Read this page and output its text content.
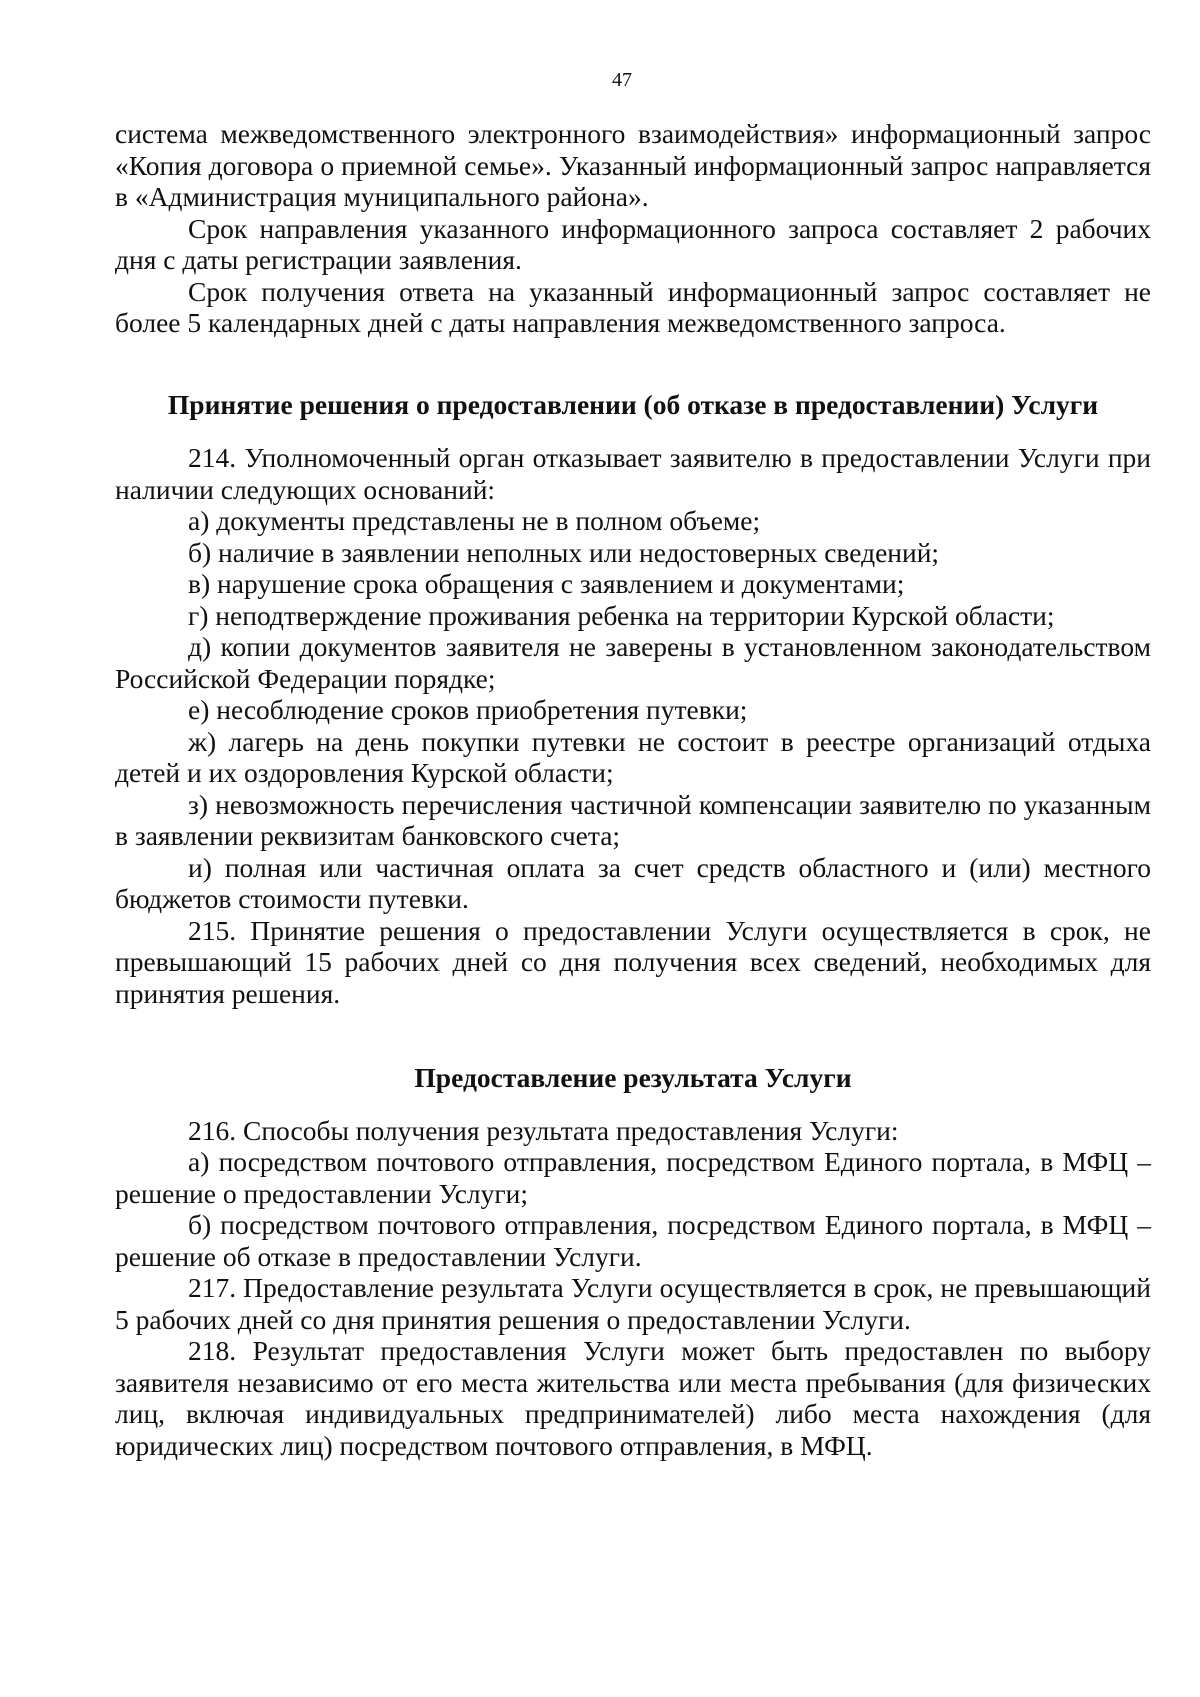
47

система межведомственного электронного взаимодействия» информационный запрос «Копия договора о приемной семье». Указанный информационный запрос направляется в «Администрация муниципального района».

Срок направления указанного информационного запроса составляет 2 рабочих дня с даты регистрации заявления.

Срок получения ответа на указанный информационный запрос составляет не более 5 календарных дней с даты направления межведомственного запроса.

Принятие решения о предоставлении (об отказе в предоставлении) Услуги

214. Уполномоченный орган отказывает заявителю в предоставлении Услуги при наличии следующих оснований:

а) документы представлены не в полном объеме;

б) наличие в заявлении неполных или недостоверных сведений;

в) нарушение срока обращения с заявлением и документами;

г) неподтверждение проживания ребенка на территории Курской области;

д) копии документов заявителя не заверены в установленном законодательством Российской Федерации порядке;

е) несоблюдение сроков приобретения путевки;

ж) лагерь на день покупки путевки не состоит в реестре организаций отдыха детей и их оздоровления Курской области;

з) невозможность перечисления частичной компенсации заявителю по указанным в заявлении реквизитам банковского счета;

и) полная или частичная оплата за счет средств областного и (или) местного бюджетов стоимости путевки.

215. Принятие решения о предоставлении Услуги осуществляется в срок, не превышающий 15 рабочих дней со дня получения всех сведений, необходимых для принятия решения.

Предоставление результата Услуги

216. Способы получения результата предоставления Услуги:

а) посредством почтового отправления, посредством Единого портала, в МФЦ – решение о предоставлении Услуги;

б) посредством почтового отправления, посредством Единого портала, в МФЦ – решение об отказе в предоставлении Услуги.

217. Предоставление результата Услуги осуществляется в срок, не превышающий 5 рабочих дней со дня принятия решения о предоставлении Услуги.

218. Результат предоставления Услуги может быть предоставлен по выбору заявителя независимо от его места жительства или места пребывания (для физических лиц, включая индивидуальных предпринимателей) либо места нахождения (для юридических лиц) посредством почтового отправления, в МФЦ.
